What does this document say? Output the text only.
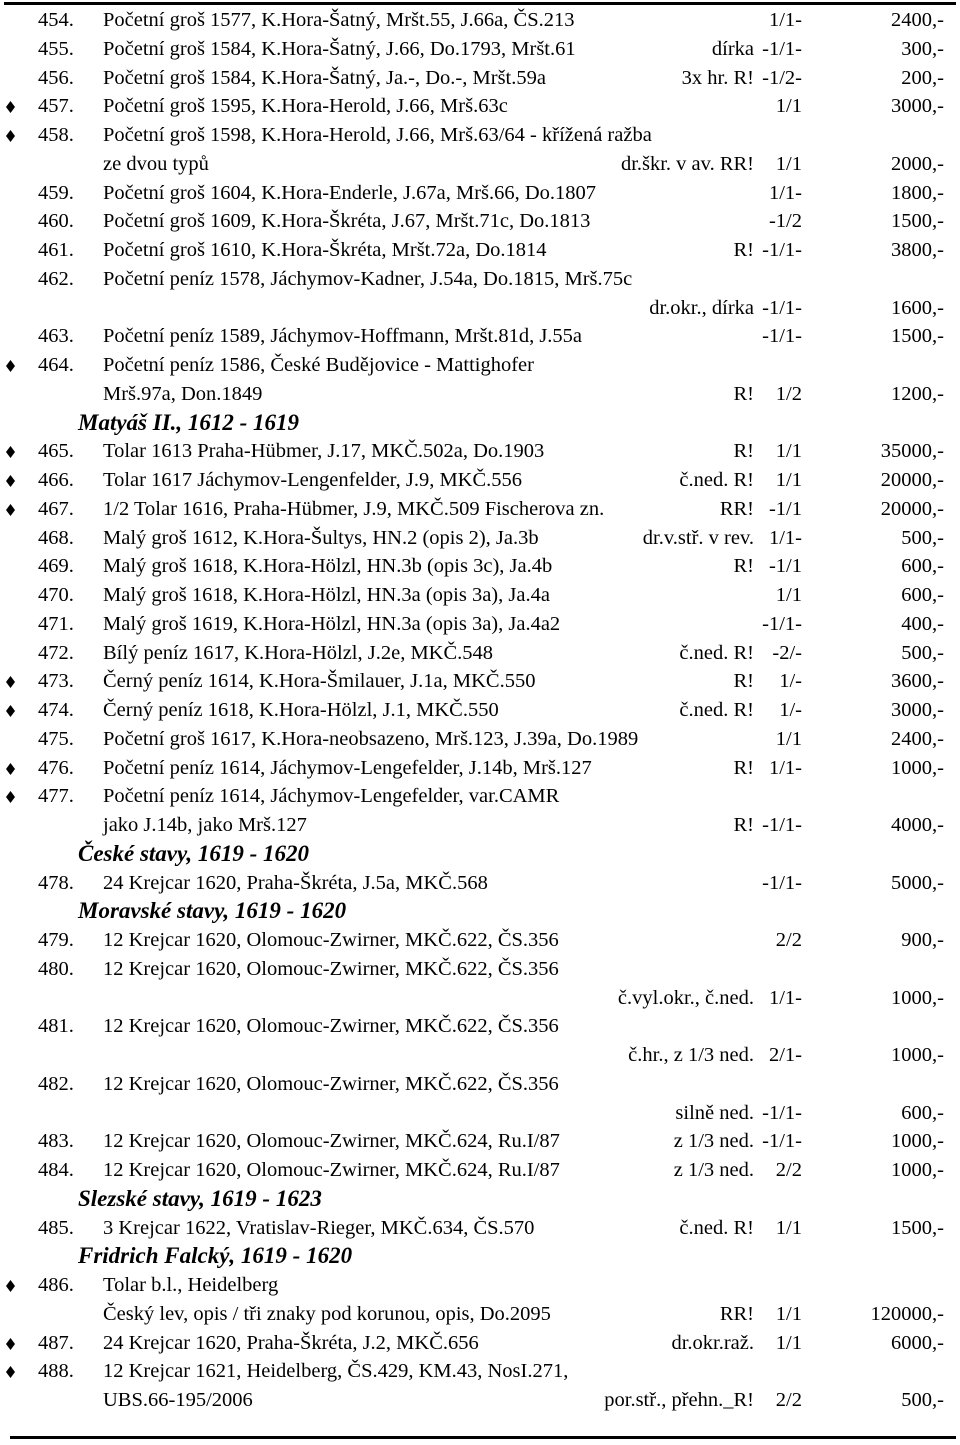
454. Početní groš 1577, K.Hora-Šatný, Mršt.55, J.66a, ČS.213	1/1-	2400,-
455. Početní groš 1584, K.Hora-Šatný, J.66, Do.1793, Mršt.61	dírka -1/1-	300,-
456. Početní groš 1584, K.Hora-Šatný, Ja.-, Do.-, Mršt.59a	3x hr. R! -1/2-	200,-
457. Početní groš 1595, K.Hora-Herold, J.66, Mrš.63c	1/1	3000,-
458. Početní groš 1598, K.Hora-Herold, J.66, Mrš.63/64 - křížená ražba
ze dvou typů	dr.škr. v av. RR! 1/1	2000,-
459. Početní groš 1604, K.Hora-Enderle, J.67a, Mrš.66, Do.1807	1/1-	1800,-
460. Početní groš 1609, K.Hora-Škréta, J.67, Mršt.71c, Do.1813	-1/2	1500,-
461. Početní groš 1610, K.Hora-Škréta, Mršt.72a, Do.1814	R! -1/1-	3800,-
462. Početní peníz 1578, Jáchymov-Kadner, J.54a, Do.1815, Mrš.75c
dr.okr., dírka -1/1-	1600,-
463. Početní peníz 1589, Jáchymov-Hoffmann, Mršt.81d, J.55a	-1/1-	1500,-
464. Početní peníz 1586, České Budějovice - Mattighofer
Mrš.97a, Don.1849	R! 1/2	1200,-
Matyáš II., 1612 - 1619
465. Tolar 1613 Praha-Hübmer, J.17, MKČ.502a, Do.1903	R! 1/1	35000,-
466. Tolar 1617 Jáchymov-Lengenfelder, J.9, MKČ.556	č.ned. R! 1/1	20000,-
467. 1/2 Tolar 1616, Praha-Hübmer, J.9, MKČ.509 Fischerova zn.	RR! -1/1	20000,-
468. Malý groš 1612, K.Hora-Šultys, HN.2 (opis 2), Ja.3b	dr.v.stř. v rev. 1/1-	500,-
469. Malý groš 1618, K.Hora-Hölzl, HN.3b (opis 3c), Ja.4b	R! -1/1	600,-
470. Malý groš 1618, K.Hora-Hölzl, HN.3a (opis 3a), Ja.4a	1/1	600,-
471. Malý groš 1619, K.Hora-Hölzl, HN.3a (opis 3a), Ja.4a2	-1/1-	400,-
472. Bílý peníz 1617, K.Hora-Hölzl, J.2e, MKČ.548	č.ned. R! -2/-	500,-
473. Černý peníz 1614, K.Hora-Šmilauer, J.1a, MKČ.550	R! 1/-	3600,-
474. Černý peníz 1618, K.Hora-Hölzl, J.1, MKČ.550	č.ned. R! 1/-	3000,-
475. Početní groš 1617, K.Hora-neobsazeno, Mrš.123, J.39a, Do.1989	1/1	2400,-
476. Početní peníz 1614, Jáchymov-Lengefelder, J.14b, Mrš.127	R! 1/1-	1000,-
477. Početní peníz 1614, Jáchymov-Lengefelder, var.CAMR
jako J.14b, jako Mrš.127	R! -1/1-	4000,-
České stavy, 1619 - 1620
478. 24 Krejcar 1620, Praha-Škréta, J.5a, MKČ.568	-1/1-	5000,-
Moravské stavy, 1619 - 1620
479. 12 Krejcar 1620, Olomouc-Zwirner, MKČ.622, ČS.356	2/2	900,-
480. 12 Krejcar 1620, Olomouc-Zwirner, MKČ.622, ČS.356
č.vyl.okr., č.ned. 1/1-	1000,-
481. 12 Krejcar 1620, Olomouc-Zwirner, MKČ.622, ČS.356
č.hr., z 1/3 ned. 2/1-	1000,-
482. 12 Krejcar 1620, Olomouc-Zwirner, MKČ.622, ČS.356
silně ned. -1/1-	600,-
483. 12 Krejcar 1620, Olomouc-Zwirner, MKČ.624, Ru.I/87	z 1/3 ned. -1/1-	1000,-
484. 12 Krejcar 1620, Olomouc-Zwirner, MKČ.624, Ru.I/87	z 1/3 ned. 2/2	1000,-
Slezské stavy, 1619 - 1623
485. 3 Krejcar 1622, Vratislav-Rieger, MKČ.634, ČS.570	č.ned. R! 1/1	1500,-
Fridrich Falcký, 1619 - 1620
486. Tolar b.l., Heidelberg
Český lev, opis / tři znaky pod korunou, opis, Do.2095	RR! 1/1	120000,-
487. 24 Krejcar 1620, Praha-Škréta, J.2, MKČ.656	dr.okr.raž. 1/1	6000,-
488. 12 Krejcar 1621, Heidelberg, ČS.429, KM.43, NosI.271,
UBS.66-195/2006	por.stř., přehn._R! 2/2	500,-
